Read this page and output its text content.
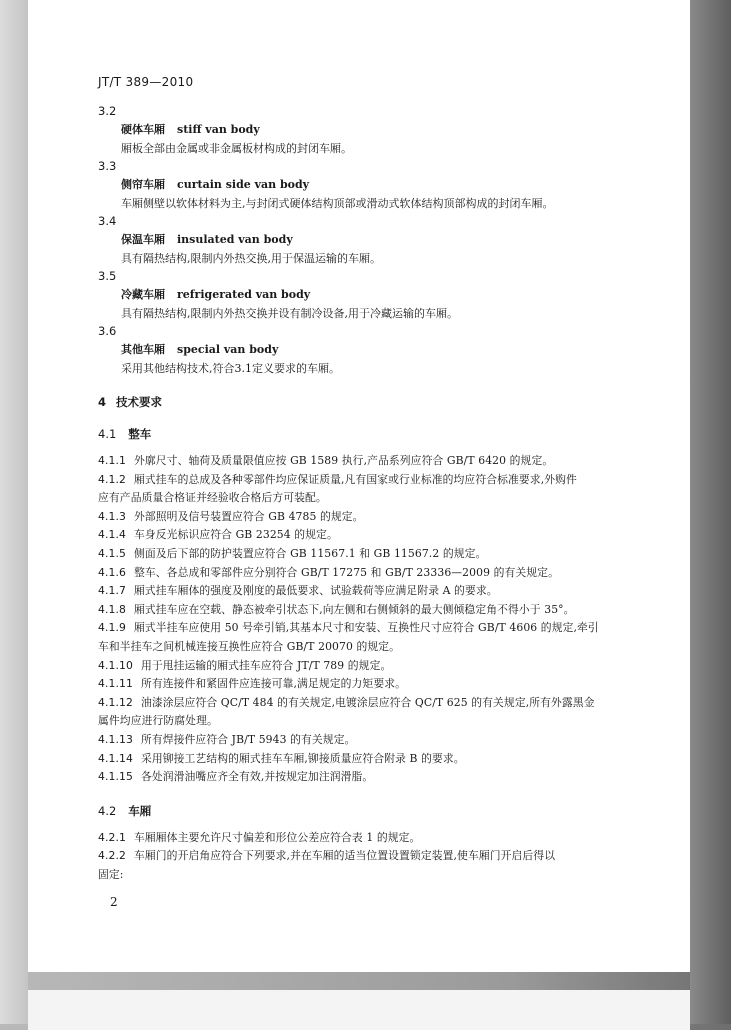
JT/T 389—2010
3.2
硬体车厢 stiff van body
厢板全部由金属或非金属板材构成的封闭车厢。
3.3
侧帘车厢 curtain side van body
车厢侧壁以软体材料为主,与封闭式硬体结构顶部或滑动式软体结构顶部构成的封闭车厢。
3.4
保温车厢 insulated van body
具有隔热结构,限制内外热交换,用于保温运输的车厢。
3.5
冷藏车厢 refrigerated van body
具有隔热结构,限制内外热交换并设有制冷设备,用于冷藏运输的车厢。
3.6
其他车厢 special van body
采用其他结构技术,符合3.1定义要求的车厢。
4 技术要求
4.1 整车
4.1.1 外廓尺寸、轴荷及质量限值应按 GB 1589 执行,产品系列应符合 GB/T 6420 的规定。
4.1.2 厢式挂车的总成及各种零部件均应保证质量,凡有国家或行业标准的均应符合标准要求,外购件
应有产品质量合格证并经验收合格后方可装配。
4.1.3 外部照明及信号装置应符合 GB 4785 的规定。
4.1.4 车身反光标识应符合 GB 23254 的规定。
4.1.5 侧面及后下部的防护装置应符合 GB 11567.1 和 GB 11567.2 的规定。
4.1.6 整车、各总成和零部件应分别符合 GB/T 17275 和 GB/T 23336—2009 的有关规定。
4.1.7 厢式挂车厢体的强度及刚度的最低要求、试验载荷等应满足附录 A 的要求。
4.1.8 厢式挂车应在空载、静态被牵引状态下,向左侧和右侧倾斜的最大侧倾稳定角不得小于 35°。
4.1.9 厢式半挂车应使用 50 号牵引销,其基本尺寸和安装、互换性尺寸应符合 GB/T 4606 的规定,牵引
车和半挂车之间机械连接互换性应符合 GB/T 20070 的规定。
4.1.10 用于甩挂运输的厢式挂车应符合 JT/T 789 的规定。
4.1.11 所有连接件和紧固件应连接可靠,满足规定的力矩要求。
4.1.12 油漆涂层应符合 QC/T 484 的有关规定,电镀涂层应符合 QC/T 625 的有关规定,所有外露黑金
属件均应进行防腐处理。
4.1.13 所有焊接件应符合 JB/T 5943 的有关规定。
4.1.14 采用铆接工艺结构的厢式挂车车厢,铆接质量应符合附录 B 的要求。
4.1.15 各处润滑油嘴应齐全有效,并按规定加注润滑脂。
4.2 车厢
4.2.1 车厢厢体主要允许尺寸偏差和形位公差应符合表 1 的规定。
4.2.2 车厢门的开启角应符合下列要求,并在车厢的适当位置设置锁定装置,使车厢门开启后得以
固定:
2
